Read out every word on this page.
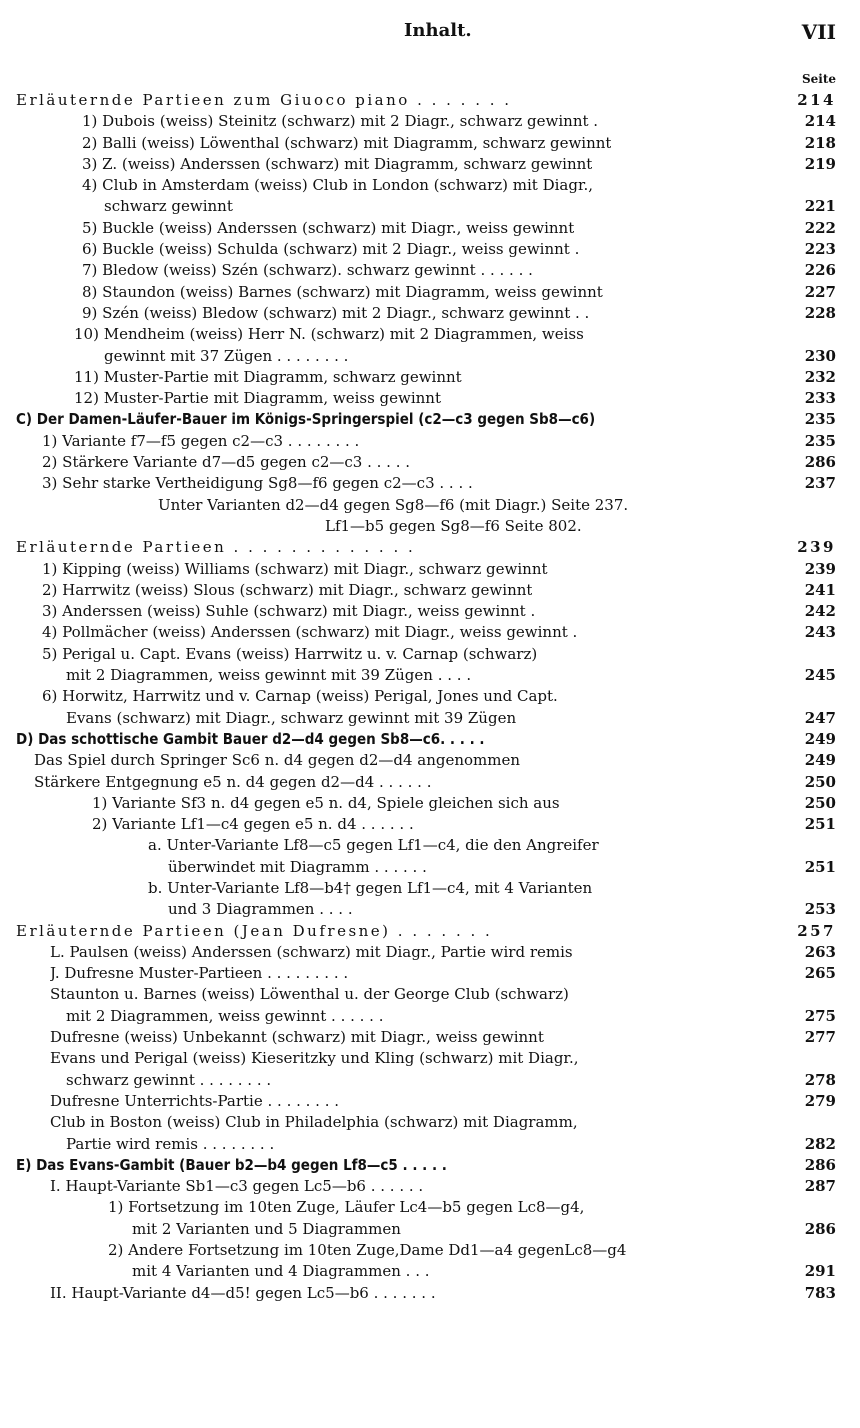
Inhalt.	VII
Seite
Erläuternde Partieen zum Giuoco piano . . . . . . .	214
1) Dubois (weiss) Steinitz (schwarz) mit 2 Diagr., schwarz gewinnt .	214
2) Balli (weiss) Löwenthal (schwarz) mit Diagramm, schwarz gewinnt	218
3) Z. (weiss) Anderssen (schwarz) mit Diagramm, schwarz gewinnt	219
4) Club in Amsterdam (weiss) Club in London (schwarz) mit Diagr.,
schwarz gewinnt	221
5) Buckle (weiss) Anderssen (schwarz) mit Diagr., weiss gewinnt	222
6) Buckle (weiss) Schulda (schwarz) mit 2 Diagr., weiss gewinnt .	223
7) Bledow (weiss) Szén (schwarz). schwarz gewinnt . . . . . .	226
8) Staundon (weiss) Barnes (schwarz) mit Diagramm, weiss gewinnt	227
9) Szén (weiss) Bledow (schwarz) mit 2 Diagr., schwarz gewinnt . .	228
10) Mendheim (weiss) Herr N. (schwarz) mit 2 Diagrammen, weiss
gewinnt mit 37 Zügen . . . . . . . .	230
11) Muster-Partie mit Diagramm, schwarz gewinnt	232
12) Muster-Partie mit Diagramm, weiss gewinnt	233
C) Der Damen-Läufer-Bauer im Königs-Springerspiel (c2—c3 gegen Sb8—c6)	235
1) Variante f7—f5 gegen c2—c3 . . . . . . . .	235
2) Stärkere Variante d7—d5 gegen c2—c3 . . . . .	286
3) Sehr starke Vertheidigung Sg8—f6 gegen c2—c3 . . . .	237
Unter Varianten d2—d4 gegen Sg8—f6 (mit Diagr.) Seite 237.
Lf1—b5 gegen Sg8—f6 Seite 802.
Erläuternde Partieen . . . . . . . . . . . . .	239
1) Kipping (weiss) Williams (schwarz) mit Diagr., schwarz gewinnt	239
2) Harrwitz (weiss) Slous (schwarz) mit Diagr., schwarz gewinnt	241
3) Anderssen (weiss) Suhle (schwarz) mit Diagr., weiss gewinnt .	242
4) Pollmächer (weiss) Anderssen (schwarz) mit Diagr., weiss gewinnt .	243
5) Perigal u. Capt. Evans (weiss) Harrwitz u. v. Carnap (schwarz)
mit 2 Diagrammen, weiss gewinnt mit 39 Zügen . . . .	245
6) Horwitz, Harrwitz und v. Carnap (weiss) Perigal, Jones und Capt.
Evans (schwarz) mit Diagr., schwarz gewinnt mit 39 Zügen	247
D) Das schottische Gambit Bauer d2—d4 gegen Sb8—c6. . . . .	249
Das Spiel durch Springer Sc6 n. d4 gegen d2—d4 angenommen	249
Stärkere Entgegnung e5 n. d4 gegen d2—d4 . . . . . .	250
1) Variante Sf3 n. d4 gegen e5 n. d4, Spiele gleichen sich aus	250
2) Variante Lf1—c4 gegen e5 n. d4 . . . . . .	251
a. Unter-Variante Lf8—c5 gegen Lf1—c4, die den Angreifer
überwindet mit Diagramm . . . . . .	251
b. Unter-Variante Lf8—b4† gegen Lf1—c4, mit 4 Varianten
und 3 Diagrammen . . . .	253
Erläuternde Partieen (Jean Dufresne) . . . . . . .	257
L. Paulsen (weiss) Anderssen (schwarz) mit Diagr., Partie wird remis	263
J. Dufresne Muster-Partieen . . . . . . . . .	265
Staunton u. Barnes (weiss) Löwenthal u. der George Club (schwarz)
mit 2 Diagrammen, weiss gewinnt . . . . . .	275
Dufresne (weiss) Unbekannt (schwarz) mit Diagr., weiss gewinnt	277
Evans und Perigal (weiss) Kieseritzky und Kling (schwarz) mit Diagr.,
schwarz gewinnt . . . . . . . .	278
Dufresne Unterrichts-Partie . . . . . . . .	279
Club in Boston (weiss) Club in Philadelphia (schwarz) mit Diagramm,
Partie wird remis . . . . . . . .	282
E) Das Evans-Gambit (Bauer b2—b4 gegen Lf8—c5 . . . . .	286
I. Haupt-Variante Sb1—c3 gegen Lc5—b6 . . . . . .	287
1) Fortsetzung im 10ten Zuge, Läufer Lc4—b5 gegen Lc8—g4,
mit 2 Varianten und 5 Diagrammen	286
2) Andere Fortsetzung im 10ten Zuge,Dame Dd1—a4 gegenLc8—g4
mit 4 Varianten und 4 Diagrammen . . .	291
II. Haupt-Variante d4—d5! gegen Lc5—b6 . . . . . . .	783
